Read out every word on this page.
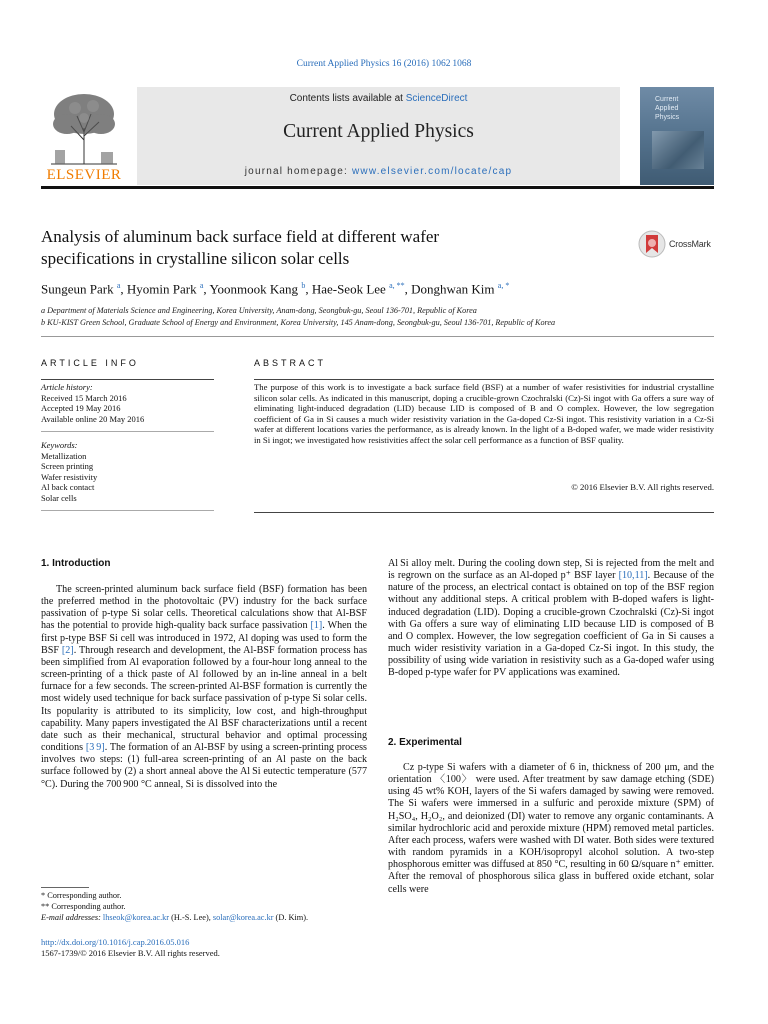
Current Applied Physics 16 (2016) 1062 1068
ELSEVIER
Contents lists available at ScienceDirect
Current Applied Physics
journal homepage: www.elsevier.com/locate/cap
Current
Applied
Physics
Analysis of aluminum back surface field at different wafer
specifications in crystalline silicon solar cells
CrossMark
Sungeun Park $^a$, Hyomin Park $^a$, Yoonmook Kang $^b$, Hae-Seok Lee $^{a, **}$, Donghwan Kim $^{a, *}$
a Department of Materials Science and Engineering, Korea University, Anam-dong, Seongbuk-gu, Seoul 136-701, Republic of Korea
b KU-KIST Green School, Graduate School of Energy and Environment, Korea University, 145 Anam-dong, Seongbuk-gu, Seoul 136-701, Republic of Korea
ARTICLE INFO
Article history:
Received 15 March 2016
Accepted 19 May 2016
Available online 20 May 2016
Keywords:
Metallization
Screen printing
Wafer resistivity
Al back contact
Solar cells
ABSTRACT
The purpose of this work is to investigate a back surface field (BSF) at a number of wafer resistivities for industrial crystalline silicon solar cells. As indicated in this manuscript, doping a crucible-grown Czochralski (Cz)-Si ingot with Ga offers a sure way of eliminating light-induced degradation (LID) because LID is composed of B and O complex. However, the low segregation coefficient of Ga in Si causes a much wider resistivity variation in the Ga-doped Cz-Si ingot. This resistivity variation in a Cz-Si wafer at different locations varies the performance, as is already known. In the light of a B-doped wafer, we made wider resistivity in Si ingot; we investigated how resistivities affect the solar cell performance as a function of BSF quality.
© 2016 Elsevier B.V. All rights reserved.
1. Introduction

The screen-printed aluminum back surface field (BSF) formation has been the preferred method in the photovoltaic (PV) industry for the back surface passivation of p-type Si solar cells. Theoretical calculations show that Al-BSF has the potential to provide high-quality back surface passivation [1]. When the first p-type BSF Si cell was introduced in 1972, Al doping was used to form the BSF [2]. Through research and development, the Al-BSF formation process has been simplified from Al evaporation followed by a four-hour long anneal to the screen-printing of a thick paste of Al followed by an in-line anneal in a belt furnace for a few seconds. The screen-printed Al-BSF formation is currently the most widely used technique for back surface passivation of p-type Si solar cells. Its popularity is attributed to its simplicity, low cost, and high-throughput capability. Many papers investigated the Al BSF characterizations until a recent date such as their mechanical, structural behavior and optimal processing conditions [3 9]. The formation of an Al-BSF by using a screen-printing process involves two steps: (1) full-area screen-printing of an Al paste on the back surface followed by (2) a short anneal above the Al Si eutectic temperature (577 °C). During the 700 900 °C anneal, Si is dissolved into the

Al Si alloy melt. During the cooling down step, Si is rejected from the melt and is regrown on the surface as an Al-doped p⁺ BSF layer [10,11]. Because of the nature of the process, an electrical contact is obtained on top of the BSF region without any additional steps. A critical problem with B-doped wafers is light-induced degradation (LID). Doping a crucible-grown Czochralski (Cz)-Si ingot with Ga offers a sure way of eliminating LID because LID is composed of B and O complex. However, the low segregation coefficient of Ga in Si causes a much wider resistivity variation in a Ga-doped Cz-Si ingot. In this study, the possibility of using wide variation in resistivity such as a Ga-doped wafer using B-doped p-type wafer for PV applications was examined.

2. Experimental

Cz p-type Si wafers with a diameter of 6 in, thickness of 200 μm, and the orientation 〈100〉 were used. After treatment by saw damage etching (SDE) using 45 wt% KOH, layers of the Si wafers damaged by sawing were removed. The Si wafers were immersed in a sulfuric and peroxide mixture (SPM) of H₂SO₄, H₂O₂, and deionized (DI) water to remove any organic contaminants. A similar hydrochloric acid and peroxide mixture (HPM) removed metal particles. After each process, wafers were washed with DI water. Both sides were textured with random pyramids in a KOH/isopropyl alcohol solution. A two-step phosphorous emitter was diffused at 850 °C, resulting in 60 Ω/square n⁺ emitter. After the removal of phosphorous silica glass in buffered oxide etchant, solar cells were

* Corresponding author.
** Corresponding author.
E-mail addresses: lhseok@korea.ac.kr (H.-S. Lee), solar@korea.ac.kr (D. Kim).
http://dx.doi.org/10.1016/j.cap.2016.05.016
1567-1739/© 2016 Elsevier B.V. All rights reserved.
